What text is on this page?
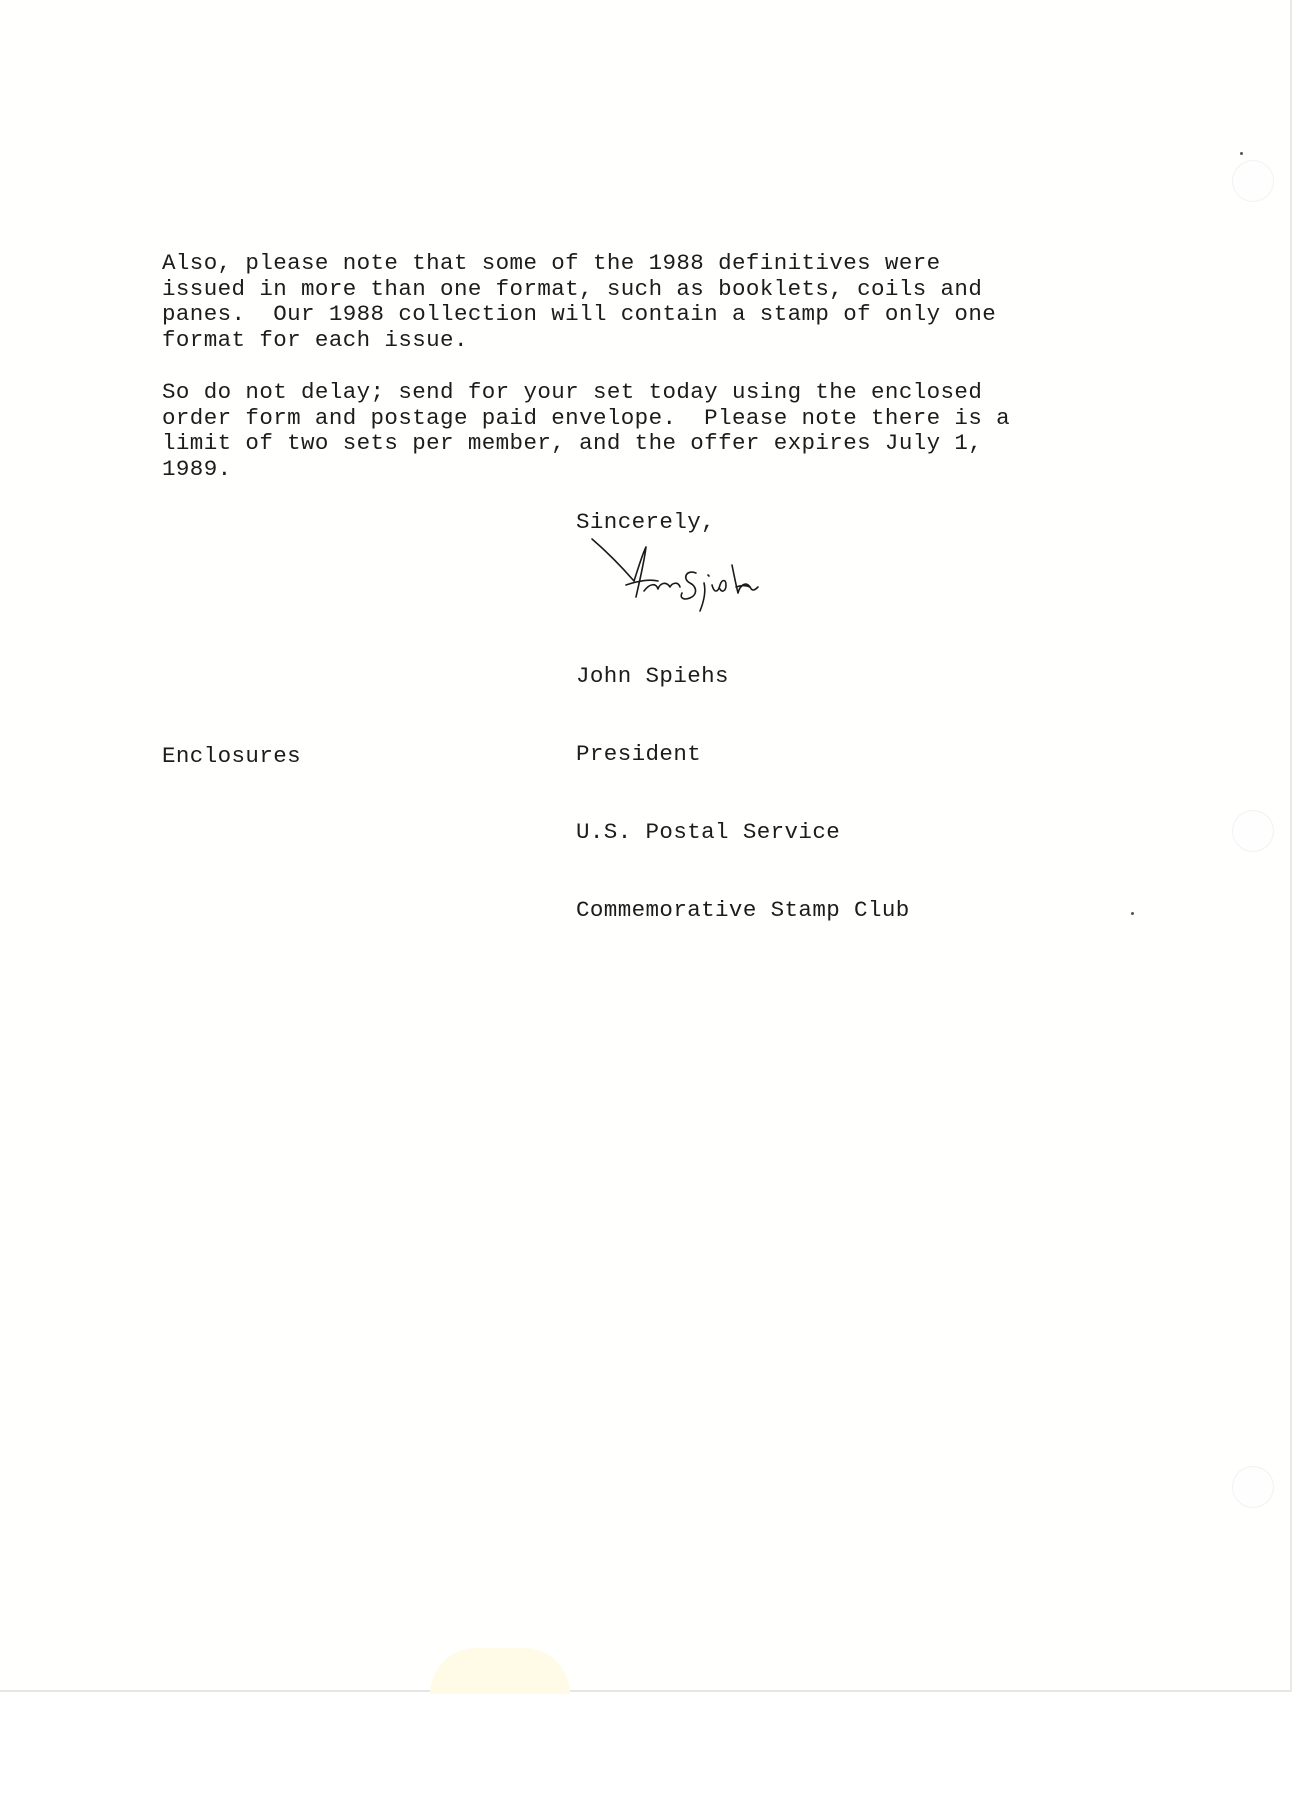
Also, please note that some of the 1988 definitives were
issued in more than one format, such as booklets, coils and
panes.  Our 1988 collection will contain a stamp of only one
format for each issue.

So do not delay; send for your set today using the enclosed
order form and postage paid envelope.  Please note there is a
limit of two sets per member, and the offer expires July 1,
1989.

Sincerely,

John Spiehs

President

U.S. Postal Service

Commemorative Stamp Club

Enclosures
